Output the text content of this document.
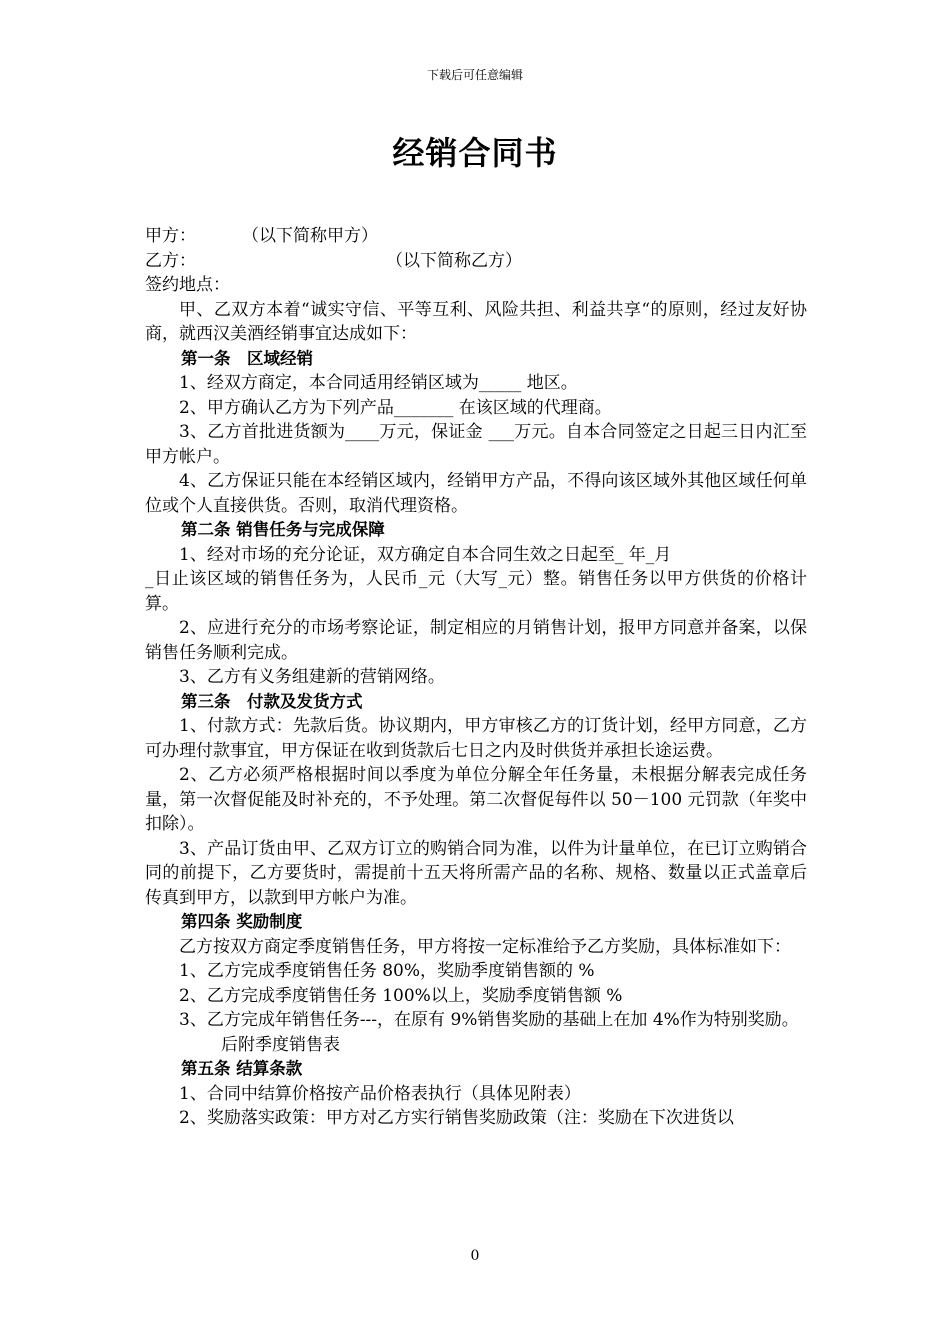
下载后可任意编辑
经销合同书
甲方：	（以下简称甲方）
乙方：	（以下简称乙方）
签约地点：
甲、乙双方本着“诚实守信、平等互利、风险共担、利益共享“的原则，经过友好协商，就西汉美酒经销事宜达成如下：
第一条　区域经销
1、经双方商定，本合同适用经销区域为_____ 地区。
2、甲方确认乙方为下列产品_______ 在该区域的代理商。
3、乙方首批进货额为____万元，保证金 ___万元。自本合同签定之日起三日内汇至甲方帐户。
4、乙方保证只能在本经销区域内，经销甲方产品，不得向该区域外其他区域任何单位或个人直接供货。否则，取消代理资格。
第二条 销售任务与完成保障
1、经对市场的充分论证，双方确定自本合同生效之日起至_ 年_月
_日止该区域的销售任务为，人民币_元（大写_元）整。销售任务以甲方供货的价格计算。
2、应进行充分的市场考察论证，制定相应的月销售计划，报甲方同意并备案，以保销售任务顺利完成。
3、乙方有义务组建新的营销网络。
第三条　付款及发货方式
1、付款方式：先款后货。协议期内，甲方审核乙方的订货计划，经甲方同意，乙方可办理付款事宜，甲方保证在收到货款后七日之内及时供货并承担长途运费。
2、乙方必须严格根据时间以季度为单位分解全年任务量，未根据分解表完成任务量，第一次督促能及时补充的，不予处理。第二次督促每件以 50－100 元罚款（年奖中扣除）。
3、产品订货由甲、乙双方订立的购销合同为准，以件为计量单位，在已订立购销合同的前提下，乙方要货时，需提前十五天将所需产品的名称、规格、数量以正式盖章后传真到甲方，以款到甲方帐户为准。
第四条 奖励制度
乙方按双方商定季度销售任务，甲方将按一定标准给予乙方奖励，具体标准如下：
1、乙方完成季度销售任务 80%，奖励季度销售额的 %
2、乙方完成季度销售任务 100%以上，奖励季度销售额 %
3、乙方完成年销售任务---，在原有 9%销售奖励的基础上在加 4%作为特别奖励。
后附季度销售表
第五条 结算条款
1、合同中结算价格按产品价格表执行（具体见附表）
2、奖励落实政策：甲方对乙方实行销售奖励政策（注：奖励在下次进货以
0
